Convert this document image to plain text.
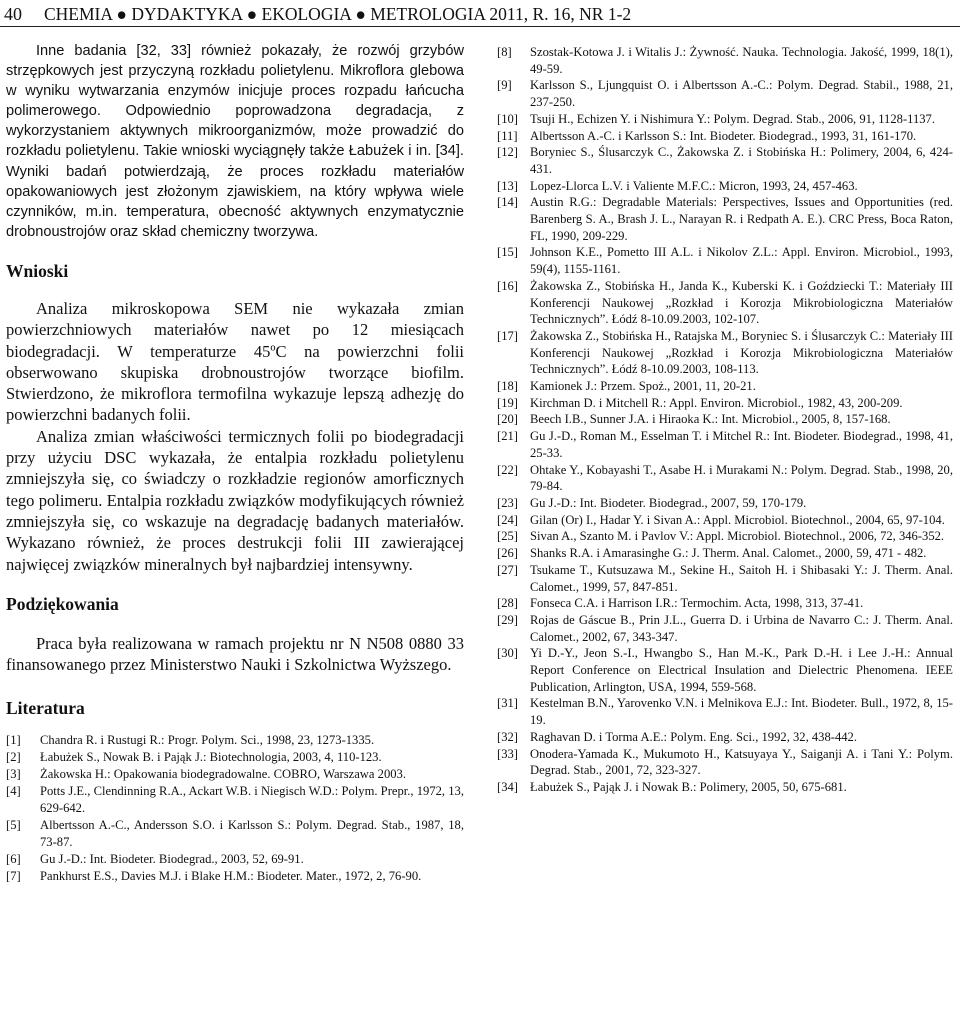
40 CHEMIA ● DYDAKTYKA ● EKOLOGIA ● METROLOGIA 2011, R. 16, NR 1-2

Inne badania [32, 33] również pokazały, że rozwój grzybów strzępkowych jest przyczyną rozkładu polietylenu. Mikroflora glebowa w wyniku wytwarzania enzymów inicjuje proces rozpadu łańcucha polimerowego. Odpowiednio poprowadzona degradacja, z wykorzystaniem aktywnych mikroorganizmów, może prowadzić do rozkładu polietylenu. Takie wnioski wyciągnęły także Łabużek i in. [34]. Wyniki badań potwierdzają, że proces rozkładu materiałów opakowaniowych jest złożonym zjawiskiem, na który wpływa wiele czynników, m.in. temperatura, obecność aktywnych enzymatycznie drobnoustrojów oraz skład chemiczny tworzywa.

Wnioski

Analiza mikroskopowa SEM nie wykazała zmian powierzchniowych materiałów nawet po 12 miesiącach biodegradacji. W temperaturze 45ºC na powierzchni folii obserwowano skupiska drobnoustrojów tworzące biofilm. Stwierdzono, że mikroflora termofilna wykazuje lepszą adhezję do powierzchni badanych folii.

Analiza zmian właściwości termicznych folii po biodegradacji przy użyciu DSC wykazała, że entalpia rozkładu polietylenu zmniejszyła się, co świadczy o rozkładzie regionów amorficznych tego polimeru. Entalpia rozkładu związków modyfikujących również zmniejszyła się, co wskazuje na degradację badanych materiałów. Wykazano również, że proces destrukcji folii III zawierającej najwięcej związków mineralnych był najbardziej intensywny.

Podziękowania

Praca była realizowana w ramach projektu nr N N508 0880 33 finansowanego przez Ministerstwo Nauki i Szkolnictwa Wyższego.

Literatura
[1] Chandra R. i Rustugi R.: Progr. Polym. Sci., 1998, 23, 1273-1335.
[2] Łabużek S., Nowak B. i Pająk J.: Biotechnologia, 2003, 4, 110-123.
[3] Żakowska H.: Opakowania biodegradowalne. COBRO, Warszawa 2003.
[4] Potts J.E., Clendinning R.A., Ackart W.B. i Niegisch W.D.: Polym. Prepr., 1972, 13, 629-642.
[5] Albertsson A.-C., Andersson S.O. i Karlsson S.: Polym. Degrad. Stab., 1987, 18, 73-87.
[6] Gu J.-D.: Int. Biodeter. Biodegrad., 2003, 52, 69-91.
[7] Pankhurst E.S., Davies M.J. i Blake H.M.: Biodeter. Mater., 1972, 2, 76-90.
[8] Szostak-Kotowa J. i Witalis J.: Żywność. Nauka. Technologia. Jakość, 1999, 18(1), 49-59.
[9] Karlsson S., Ljungquist O. i Albertsson A.-C.: Polym. Degrad. Stabil., 1988, 21, 237-250.
[10] Tsuji H., Echizen Y. i Nishimura Y.: Polym. Degrad. Stab., 2006, 91, 1128-1137.
[11] Albertsson A.-C. i Karlsson S.: Int. Biodeter. Biodegrad., 1993, 31, 161-170.
[12] Boryniec S., Ślusarczyk C., Żakowska Z. i Stobińska H.: Polimery, 2004, 6, 424-431.
[13] Lopez-Llorca L.V. i Valiente M.F.C.: Micron, 1993, 24, 457-463.
[14] Austin R.G.: Degradable Materials: Perspectives, Issues and Opportunities (red. Barenberg S. A., Brash J. L., Narayan R. i Redpath A. E.). CRC Press, Boca Raton, FL, 1990, 209-229.
[15] Johnson K.E., Pometto III A.L. i Nikolov Z.L.: Appl. Environ. Microbiol., 1993, 59(4), 1155-1161.
[16] Żakowska Z., Stobińska H., Janda K., Kuberski K. i Goździecki T.: Materiały III Konferencji Naukowej „Rozkład i Korozja Mikrobiologiczna Materiałów Technicznych”. Łódź 8-10.09.2003, 102-107.
[17] Żakowska Z., Stobińska H., Ratajska M., Boryniec S. i Ślusarczyk C.: Materiały III Konferencji Naukowej „Rozkład i Korozja Mikrobiologiczna Materiałów Technicznych”. Łódź 8-10.09.2003, 108-113.
[18] Kamionek J.: Przem. Spoż., 2001, 11, 20-21.
[19] Kirchman D. i Mitchell R.: Appl. Environ. Microbiol., 1982, 43, 200-209.
[20] Beech I.B., Sunner J.A. i Hiraoka K.: Int. Microbiol., 2005, 8, 157-168.
[21] Gu J.-D., Roman M., Esselman T. i Mitchel R.: Int. Biodeter. Biodegrad., 1998, 41, 25-33.
[22] Ohtake Y., Kobayashi T., Asabe H. i Murakami N.: Polym. Degrad. Stab., 1998, 20, 79-84.
[23] Gu J.-D.: Int. Biodeter. Biodegrad., 2007, 59, 170-179.
[24] Gilan (Or) I., Hadar Y. i Sivan A.: Appl. Microbiol. Biotechnol., 2004, 65, 97-104.
[25] Sivan A., Szanto M. i Pavlov V.: Appl. Microbiol. Biotechnol., 2006, 72, 346-352.
[26] Shanks R.A. i Amarasinghe G.: J. Therm. Anal. Calomet., 2000, 59, 471 - 482.
[27] Tsukame T., Kutsuzawa M., Sekine H., Saitoh H. i Shibasaki Y.: J. Therm. Anal. Calomet., 1999, 57, 847-851.
[28] Fonseca C.A. i Harrison I.R.: Termochim. Acta, 1998, 313, 37-41.
[29] Rojas de Gáscue B., Prin J.L., Guerra D. i Urbina de Navarro C.: J. Therm. Anal. Calomet., 2002, 67, 343-347.
[30] Yi D.-Y., Jeon S.-I., Hwangbo S., Han M.-K., Park D.-H. i Lee J.-H.: Annual Report Conference on Electrical Insulation and Dielectric Phenomena. IEEE Publication, Arlington, USA, 1994, 559-568.
[31] Kestelman B.N., Yarovenko V.N. i Melnikova E.J.: Int. Biodeter. Bull., 1972, 8, 15-19.
[32] Raghavan D. i Torma A.E.: Polym. Eng. Sci., 1992, 32, 438-442.
[33] Onodera-Yamada K., Mukumoto H., Katsuyaya Y., Saiganji A. i Tani Y.: Polym. Degrad. Stab., 2001, 72, 323-327.
[34] Łabużek S., Pająk J. i Nowak B.: Polimery, 2005, 50, 675-681.
